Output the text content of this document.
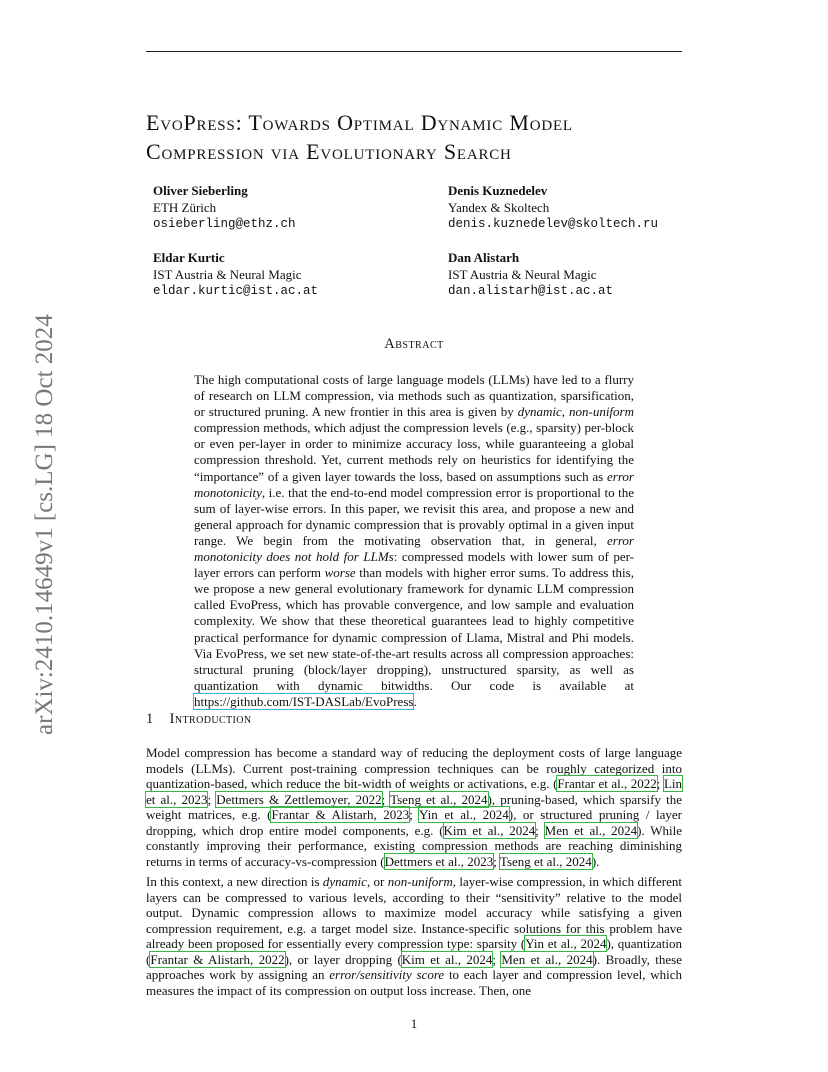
arXiv:2410.14649v1 [cs.LG] 18 Oct 2024
EvoPress: Towards Optimal Dynamic Model
Compression via Evolutionary Search
Oliver Sieberling
ETH Zürich
osieberling@ethz.ch
Denis Kuznedelev
Yandex & Skoltech
denis.kuznedelev@skoltech.ru
Eldar Kurtic
IST Austria & Neural Magic
eldar.kurtic@ist.ac.at
Dan Alistarh
IST Austria & Neural Magic
dan.alistarh@ist.ac.at
Abstract
The high computational costs of large language models (LLMs) have led to a flurry of research on LLM compression, via methods such as quantization, sparsification, or structured pruning. A new frontier in this area is given by dynamic, non-uniform compression methods, which adjust the compression levels (e.g., sparsity) per-block or even per-layer in order to minimize accuracy loss, while guaranteeing a global compression threshold. Yet, current methods rely on heuristics for identifying the “importance” of a given layer towards the loss, based on assumptions such as error monotonicity, i.e. that the end-to-end model compression error is proportional to the sum of layer-wise errors. In this paper, we revisit this area, and propose a new and general approach for dynamic compression that is provably optimal in a given input range. We begin from the motivating observation that, in general, error monotonicity does not hold for LLMs: compressed models with lower sum of per-layer errors can perform worse than models with higher error sums. To address this, we propose a new general evolutionary framework for dynamic LLM compression called EvoPress, which has provable convergence, and low sample and evaluation complexity. We show that these theoretical guarantees lead to highly competitive practical performance for dynamic compression of Llama, Mistral and Phi models. Via EvoPress, we set new state-of-the-art results across all compression approaches: structural pruning (block/layer dropping), unstructured sparsity, as well as quantization with dynamic bitwidths. Our code is available at https://github.com/IST-DASLab/EvoPress.
1 Introduction
Model compression has become a standard way of reducing the deployment costs of large language models (LLMs). Current post-training compression techniques can be roughly categorized into quantization-based, which reduce the bit-width of weights or activations, e.g. (Frantar et al., 2022; Lin et al., 2023; Dettmers & Zettlemoyer, 2022; Tseng et al., 2024), pruning-based, which sparsify the weight matrices, e.g. (Frantar & Alistarh, 2023; Yin et al., 2024), or structured pruning / layer dropping, which drop entire model components, e.g. (Kim et al., 2024; Men et al., 2024). While constantly improving their performance, existing compression methods are reaching diminishing returns in terms of accuracy-vs-compression (Dettmers et al., 2023; Tseng et al., 2024).
In this context, a new direction is dynamic, or non-uniform, layer-wise compression, in which different layers can be compressed to various levels, according to their “sensitivity” relative to the model output. Dynamic compression allows to maximize model accuracy while satisfying a given compression requirement, e.g. a target model size. Instance-specific solutions for this problem have already been proposed for essentially every compression type: sparsity (Yin et al., 2024), quantization (Frantar & Alistarh, 2022), or layer dropping (Kim et al., 2024; Men et al., 2024). Broadly, these approaches work by assigning an error/sensitivity score to each layer and compression level, which measures the impact of its compression on output loss increase. Then, one
1
